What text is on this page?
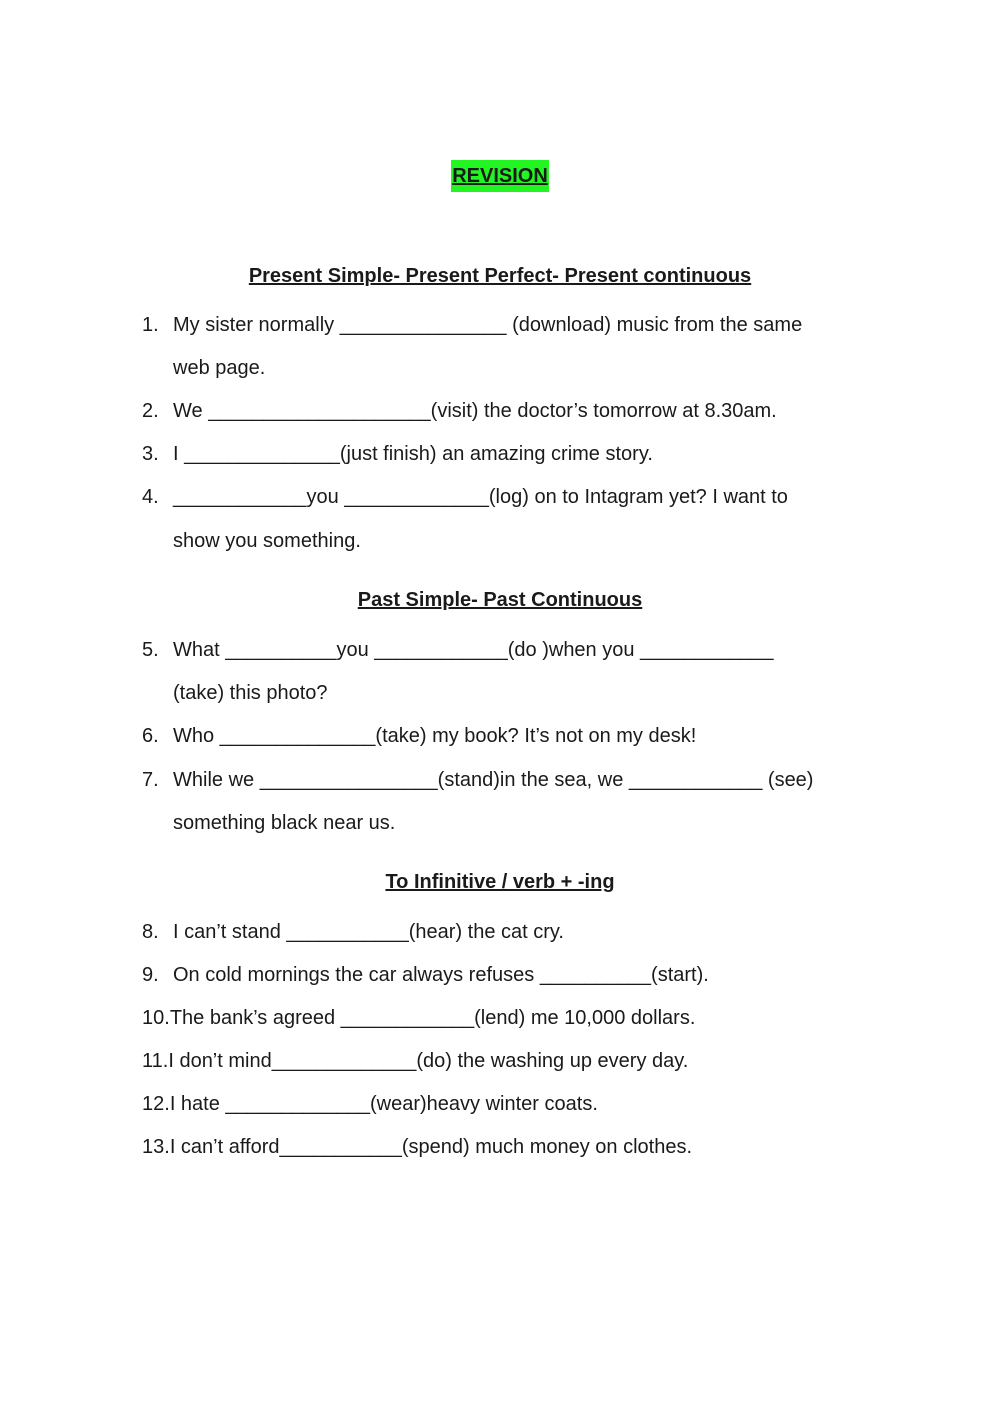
REVISION
Present Simple- Present Perfect- Present continuous
1. My sister normally _______________ (download) music from the same
web page.
2. We ____________________(visit) the doctor’s tomorrow at 8.30am.
3. I ______________(just finish) an amazing crime story.
4. ____________you _____________(log) on to Intagram yet? I want to
show you something.
Past Simple- Past Continuous
5. What __________you ____________(do )when you ____________
(take) this photo?
6. Who ______________(take) my book? It’s not on my desk!
7. While we ________________(stand)in the sea, we ____________ (see)
something black near us.
To Infinitive / verb + -ing
8. I can’t stand ___________(hear) the cat cry.
9. On cold mornings the car always refuses __________(start).
10.The bank’s agreed ____________(lend) me 10,000 dollars.
11.I don’t mind_____________(do) the washing up every day.
12.I hate _____________(wear)heavy winter coats.
13.I can’t afford___________(spend) much money on clothes.
